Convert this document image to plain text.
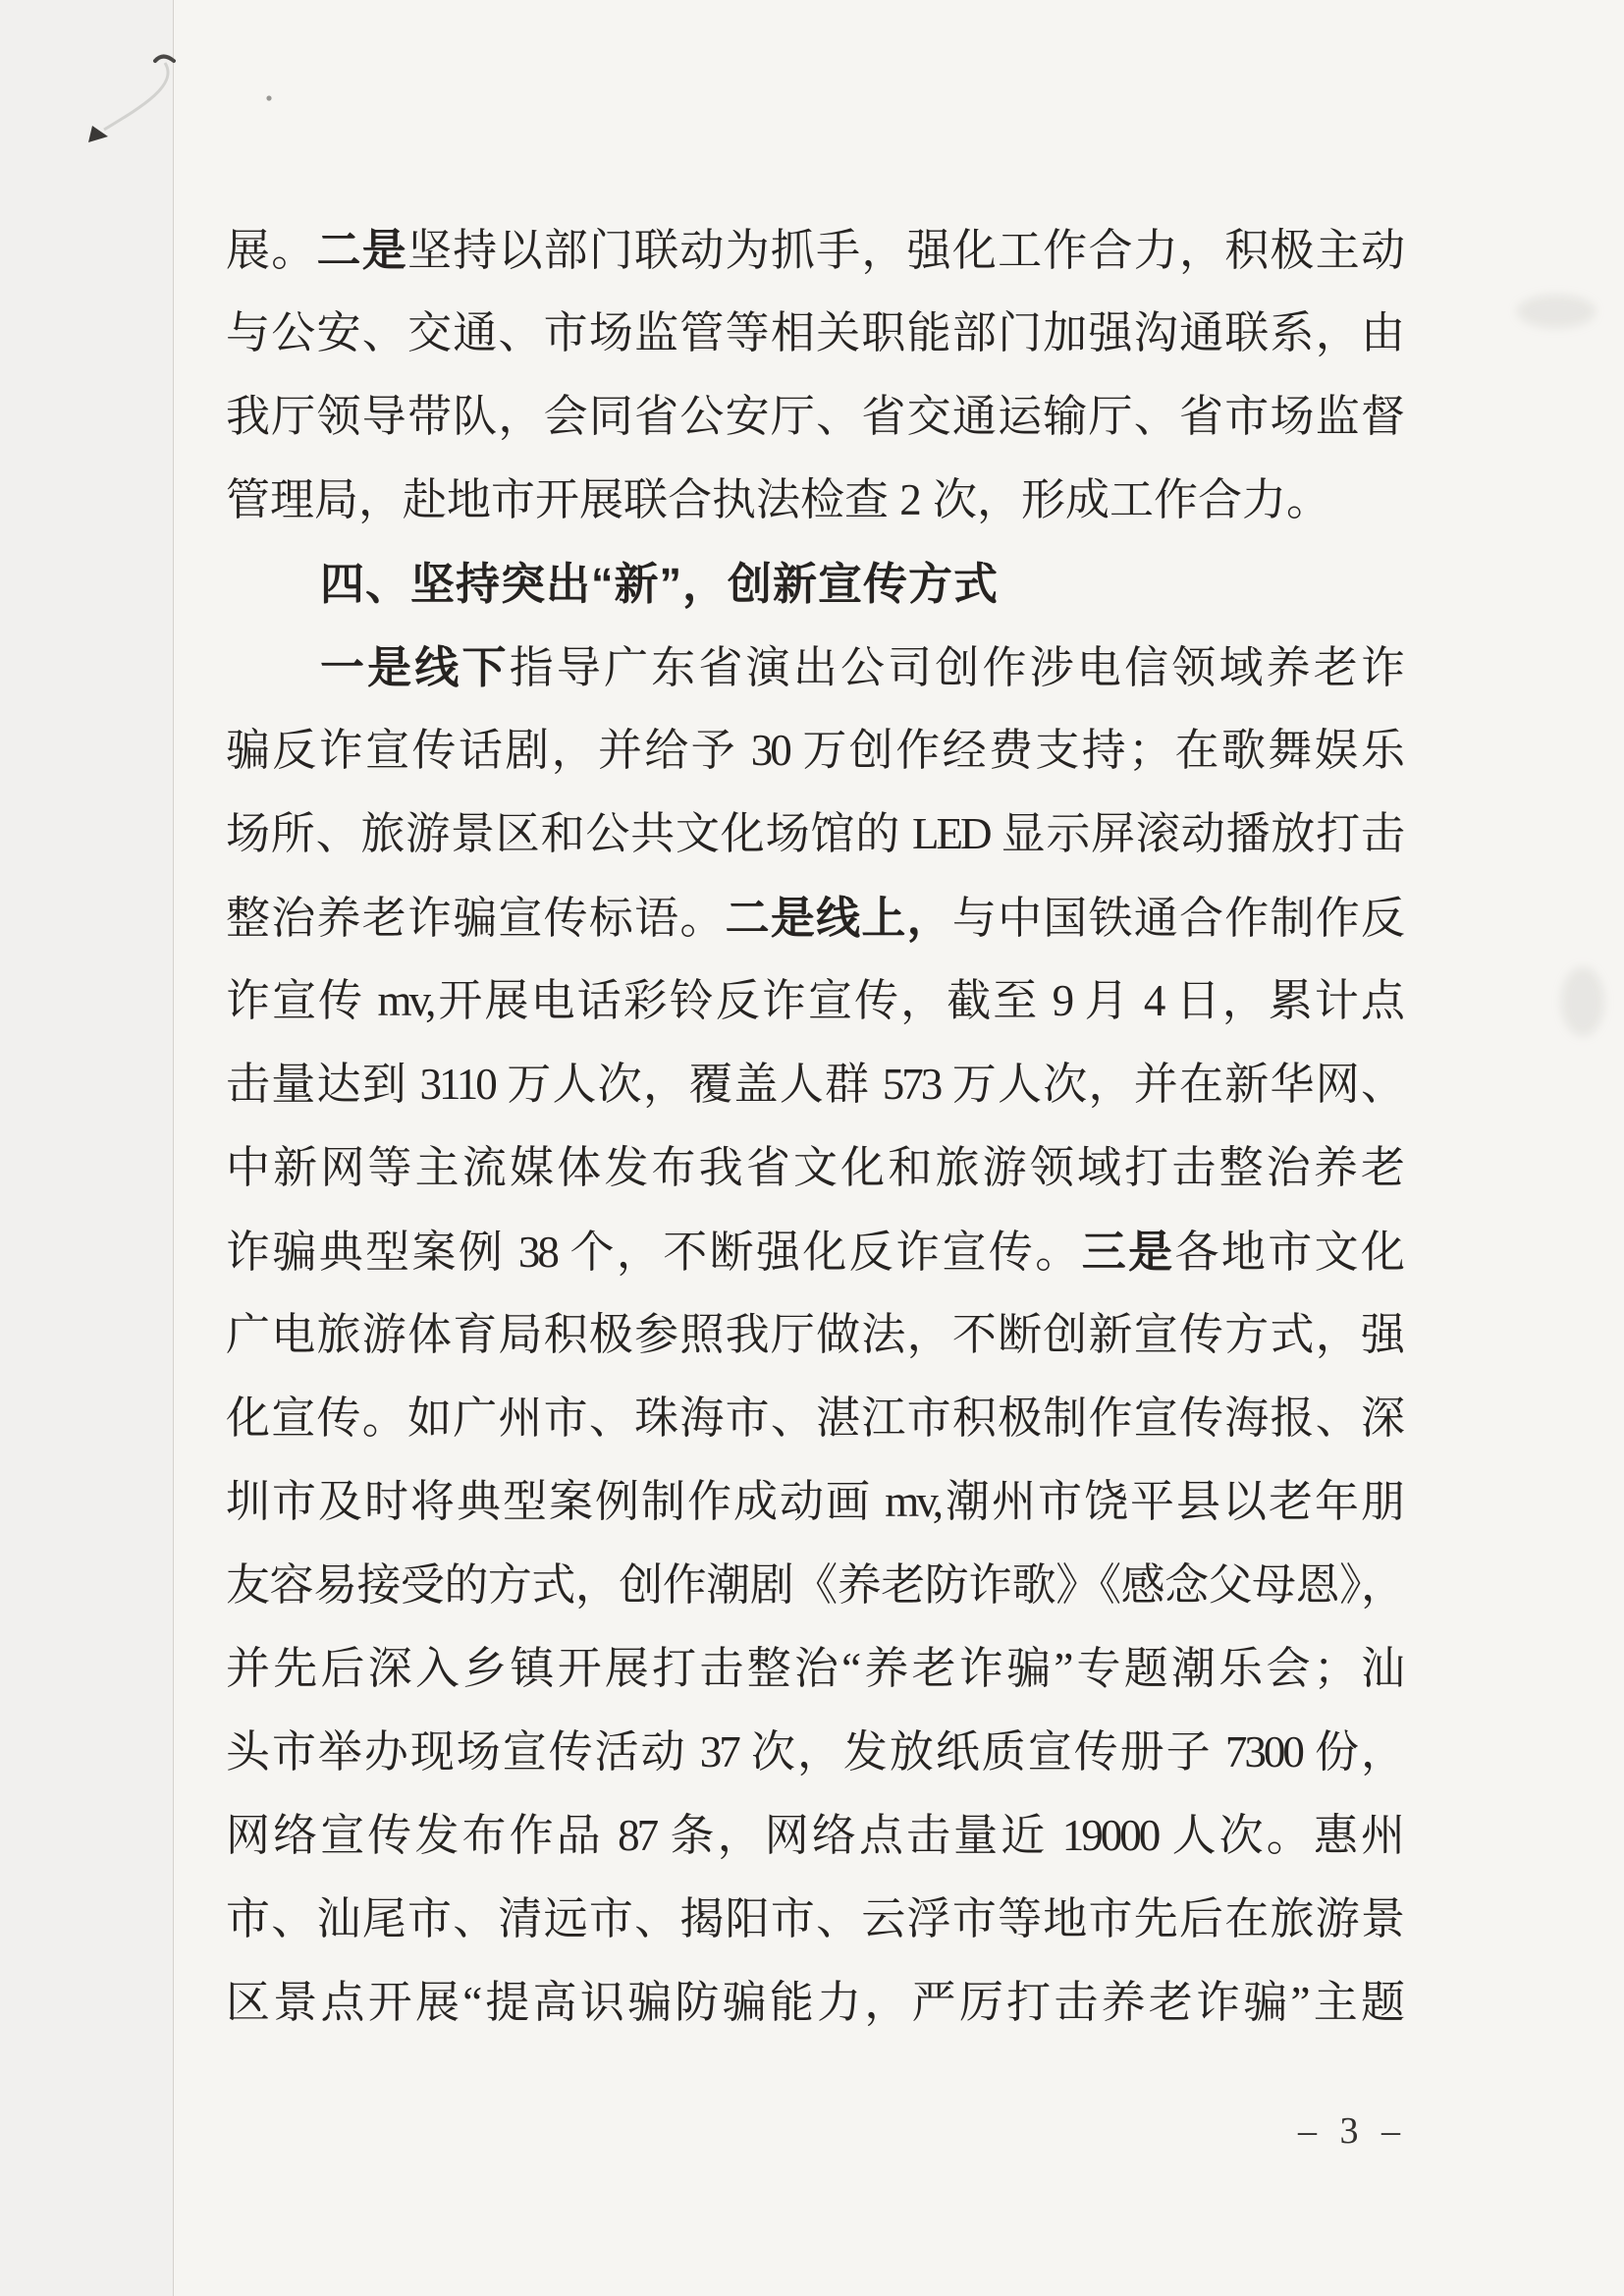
展。二是坚持以部门联动为抓手，强化工作合力，积极主动
与公安、交通、市场监管等相关职能部门加强沟通联系，由
我厅领导带队，会同省公安厅、省交通运输厅、省市场监督
管理局，赴地市开展联合执法检查 2 次，形成工作合力。
四、坚持突出“新”，创新宣传方式
一是线下指导广东省演出公司创作涉电信领域养老诈
骗反诈宣传话剧，并给予 30 万创作经费支持；在歌舞娱乐
场所、旅游景区和公共文化场馆的 LED 显示屏滚动播放打击
整治养老诈骗宣传标语。二是线上，与中国铁通合作制作反
诈宣传 mv,开展电话彩铃反诈宣传，截至 9 月 4 日，累计点
击量达到 3110 万人次，覆盖人群 573 万人次，并在新华网、
中新网等主流媒体发布我省文化和旅游领域打击整治养老
诈骗典型案例 38 个，不断强化反诈宣传。三是各地市文化
广电旅游体育局积极参照我厅做法，不断创新宣传方式，强
化宣传。如广州市、珠海市、湛江市积极制作宣传海报、深
圳市及时将典型案例制作成动画 mv,潮州市饶平县以老年朋
友容易接受的方式，创作潮剧《养老防诈歌》《感念父母恩》，
并先后深入乡镇开展打击整治“养老诈骗”专题潮乐会；汕
头市举办现场宣传活动 37 次，发放纸质宣传册子 7300 份，
网络宣传发布作品 87 条，网络点击量近 19000 人次。惠州
市、汕尾市、清远市、揭阳市、云浮市等地市先后在旅游景
区景点开展“提高识骗防骗能力，严厉打击养老诈骗”主题
– 3 –
